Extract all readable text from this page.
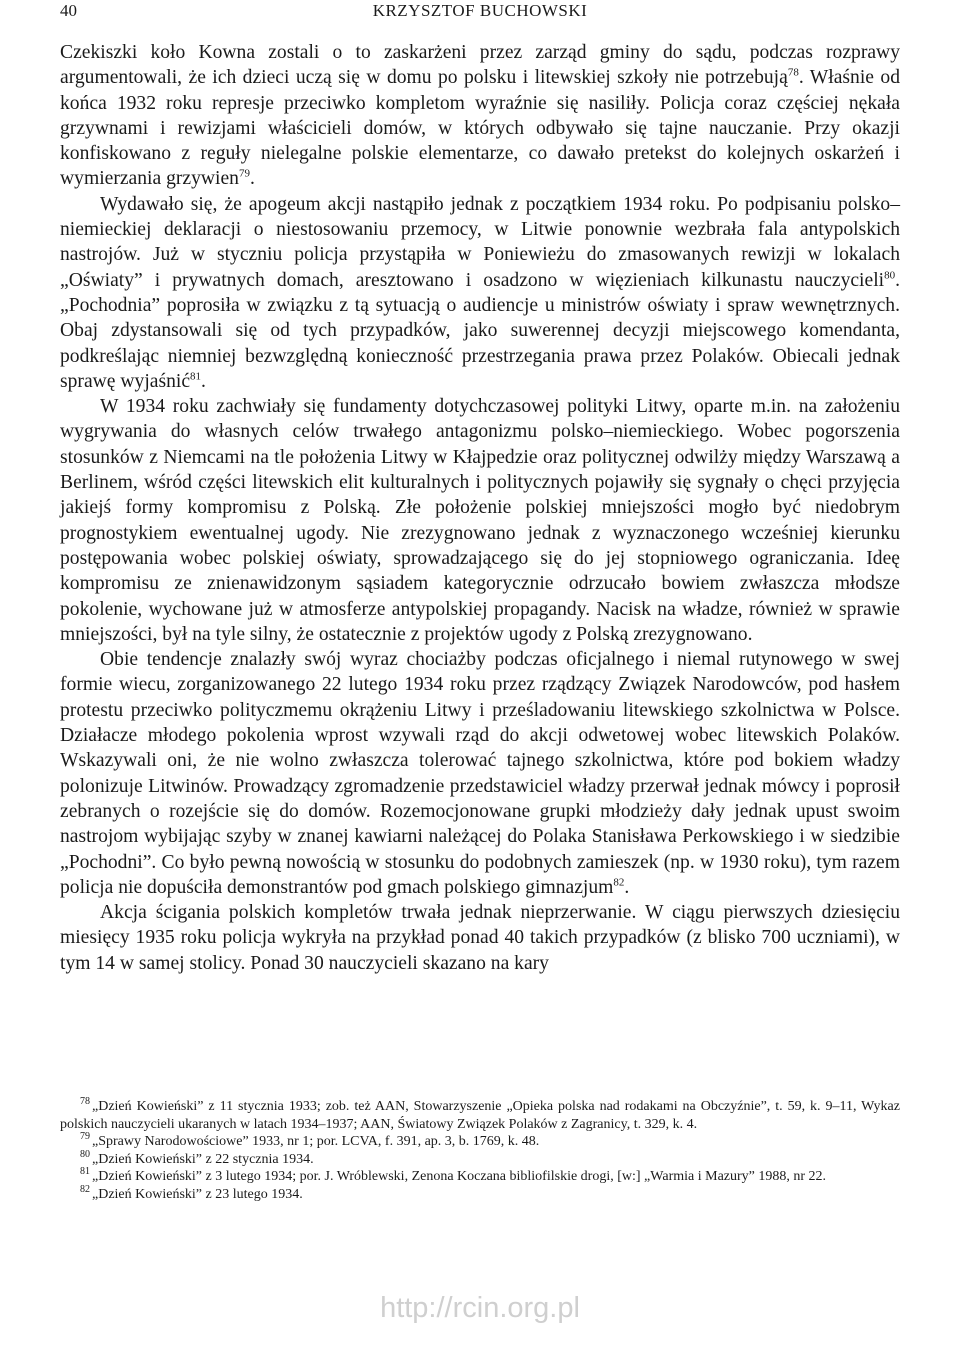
40	KRZYSZTOF BUCHOWSKI

Czekiszki koło Kowna zostali o to zaskarżeni przez zarząd gminy do sądu, podczas rozprawy argumentowali, że ich dzieci uczą się w domu po polsku i litewskiej szkoły nie potrzebują$^{78}$. Właśnie od końca 1932 roku represje przeciwko kompletom wyraźnie się nasiliły. Policja coraz częściej nękała grzywnami i rewizjami właścicieli domów, w których odbywało się tajne nauczanie. Przy okazji konfiskowano z reguły nielegalne polskie elementarze, co dawało pretekst do kolejnych oskarżeń i wymierzania grzywien$^{79}$.

Wydawało się, że apogeum akcji nastąpiło jednak z początkiem 1934 roku. Po podpisaniu polsko–niemieckiej deklaracji o niestosowaniu przemocy, w Litwie ponownie wezbrała fala antypolskich nastrojów. Już w styczniu policja przystąpiła w Poniewieżu do zmasowanych rewizji w lokalach „Oświaty” i prywatnych domach, aresztowano i osadzono w więzieniach kilkunastu nauczycieli$^{80}$. „Pochodnia” poprosiła w związku z tą sytuacją o audiencje u ministrów oświaty i spraw wewnętrznych. Obaj zdystansowali się od tych przypadków, jako suwerennej decyzji miejscowego komendanta, podkreślając niemniej bezwzględną konieczność przestrzegania prawa przez Polaków. Obiecali jednak sprawę wyjaśnić$^{81}$.

W 1934 roku zachwiały się fundamenty dotychczasowej polityki Litwy, oparte m.in. na założeniu wygrywania do własnych celów trwałego antagonizmu polsko–niemieckiego. Wobec pogorszenia stosunków z Niemcami na tle położenia Litwy w Kłajpedzie oraz politycznej odwilży między Warszawą a Berlinem, wśród części litewskich elit kulturalnych i politycznych pojawiły się sygnały o chęci przyjęcia jakiejś formy kompromisu z Polską. Złe położenie polskiej mniejszości mogło być niedobrym prognostykiem ewentualnej ugody. Nie zrezygnowano jednak z wyznaczonego wcześniej kierunku postępowania wobec polskiej oświaty, sprowadzającego się do jej stopniowego ograniczania. Ideę kompromisu ze znienawidzonym sąsiadem kategorycznie odrzucało bowiem zwłaszcza młodsze pokolenie, wychowane już w atmosferze antypolskiej propagandy. Nacisk na władze, również w sprawie mniejszości, był na tyle silny, że ostatecznie z projektów ugody z Polską zrezygnowano.

Obie tendencje znalazły swój wyraz chociażby podczas oficjalnego i niemal rutynowego w swej formie wiecu, zorganizowanego 22 lutego 1934 roku przez rządzący Związek Narodowców, pod hasłem protestu przeciwko polityczmemu okrążeniu Litwy i prześladowaniu litewskiego szkolnictwa w Polsce. Działacze młodego pokolenia wprost wzywali rząd do akcji odwetowej wobec litewskich Polaków. Wskazywali oni, że nie wolno zwłaszcza tolerować tajnego szkolnictwa, które pod bokiem władzy polonizuje Litwinów. Prowadzący zgromadzenie przedstawiciel władzy przerwał jednak mówcy i poprosił zebranych o rozejście się do domów. Rozemocjonowane grupki młodzieży dały jednak upust swoim nastrojom wybijając szyby w znanej kawiarni należącej do Polaka Stanisława Perkowskiego i w siedzibie „Pochodni”. Co było pewną nowością w stosunku do podobnych zamieszek (np. w 1930 roku), tym razem policja nie dopuściła demonstrantów pod gmach polskiego gimnazjum$^{82}$.

Akcja ścigania polskich kompletów trwała jednak nieprzerwanie. W ciągu pierwszych dziesięciu miesięcy 1935 roku policja wykryła na przykład ponad 40 takich przypadków (z blisko 700 uczniami), w tym 14 w samej stolicy. Ponad 30 nauczycieli skazano na kary

$^{78}$ „Dzień Kowieński” z 11 stycznia 1933; zob. też AAN, Stowarzyszenie „Opieka polska nad rodakami na Obczyźnie”, t. 59, k. 9–11, Wykaz polskich nauczycieli ukaranych w latach 1934–1937; AAN, Światowy Związek Polaków z Zagranicy, t. 329, k. 4.

$^{79}$ „Sprawy Narodowościowe” 1933, nr 1; por. LCVA, f. 391, ap. 3, b. 1769, k. 48.

$^{80}$ „Dzień Kowieński” z 22 stycznia 1934.

$^{81}$ „Dzień Kowieński” z 3 lutego 1934; por. J. Wróblewski, Zenona Koczana bibliofilskie drogi, [w:] „Warmia i Mazury” 1988, nr 22.

$^{82}$ „Dzień Kowieński” z 23 lutego 1934.

http://rcin.org.pl
